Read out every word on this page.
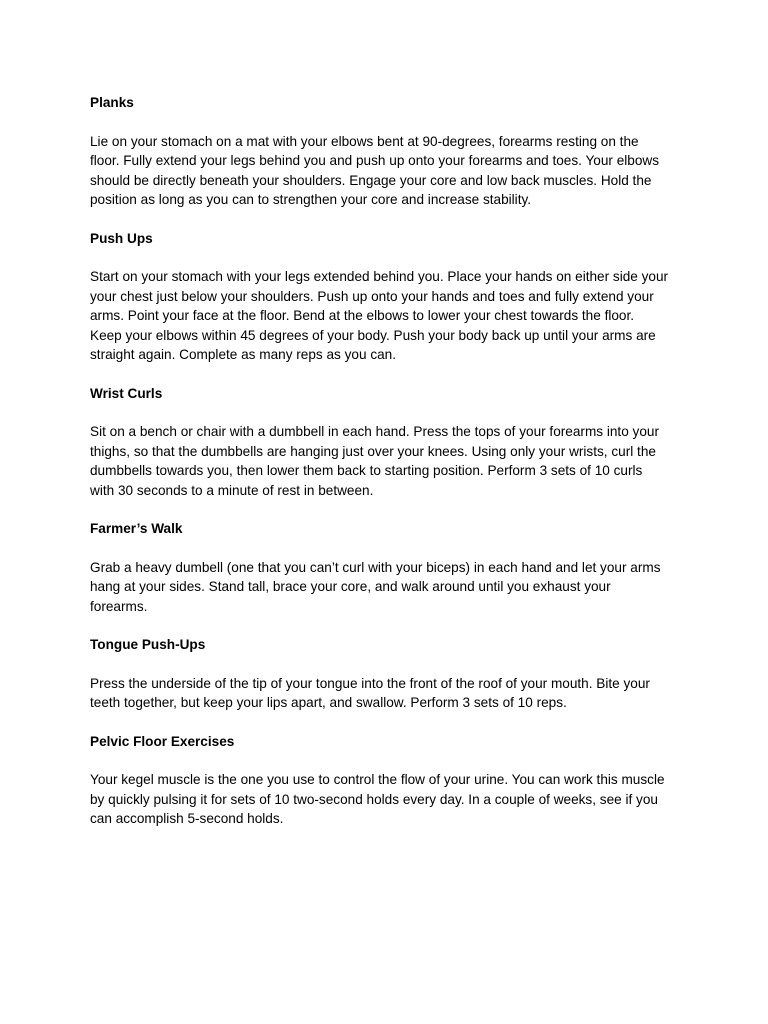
Planks

Lie on your stomach on a mat with your elbows bent at 90-degrees, forearms resting on the
floor. Fully extend your legs behind you and push up onto your forearms and toes. Your elbows
should be directly beneath your shoulders. Engage your core and low back muscles. Hold the
position as long as you can to strengthen your core and increase stability.

Push Ups

Start on your stomach with your legs extended behind you. Place your hands on either side your
your chest just below your shoulders. Push up onto your hands and toes and fully extend your
arms. Point your face at the floor. Bend at the elbows to lower your chest towards the floor.
Keep your elbows within 45 degrees of your body. Push your body back up until your arms are
straight again. Complete as many reps as you can.

Wrist Curls

Sit on a bench or chair with a dumbbell in each hand. Press the tops of your forearms into your
thighs, so that the dumbbells are hanging just over your knees. Using only your wrists, curl the
dumbbells towards you, then lower them back to starting position. Perform 3 sets of 10 curls
with 30 seconds to a minute of rest in between.

Farmer’s Walk

Grab a heavy dumbell (one that you can’t curl with your biceps) in each hand and let your arms
hang at your sides. Stand tall, brace your core, and walk around until you exhaust your
forearms.

Tongue Push-Ups

Press the underside of the tip of your tongue into the front of the roof of your mouth. Bite your
teeth together, but keep your lips apart, and swallow. Perform 3 sets of 10 reps.

Pelvic Floor Exercises

Your kegel muscle is the one you use to control the flow of your urine. You can work this muscle
by quickly pulsing it for sets of 10 two-second holds every day. In a couple of weeks, see if you
can accomplish 5-second holds.
